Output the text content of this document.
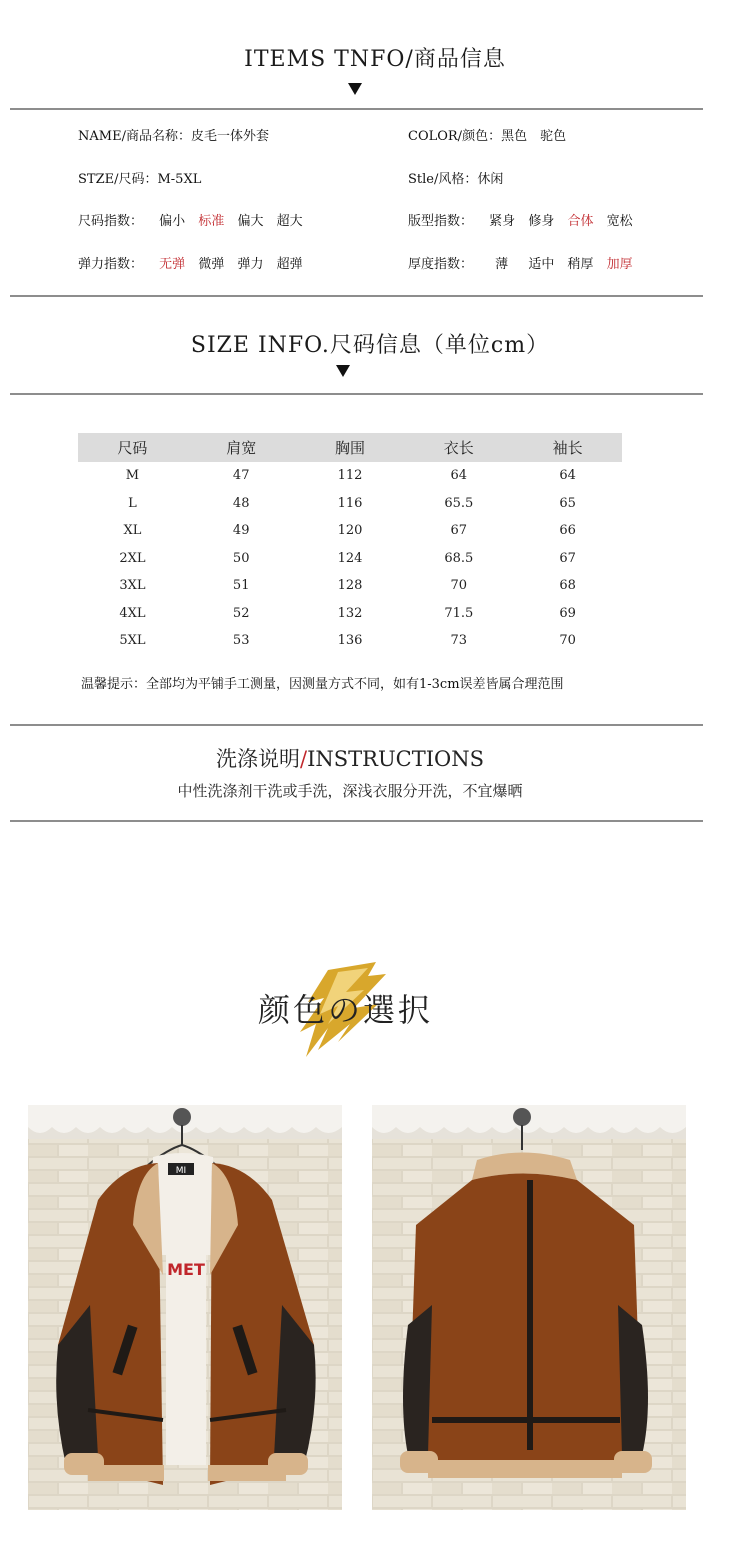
ITEMS TNFO/商品信息
NAME/商品名称：皮毛一体外套	COLOR/颜色：黑色　驼色
STZE/尺码：M-5XL	Stle/风格：休闲
尺码指数： 偏小 标准 偏大 超大	版型指数： 紧身 修身 合体 宽松
弹力指数： 无弹 微弹 弹力 超弹	厚度指数： 薄 适中 稍厚 加厚
SIZE INFO.尺码信息（单位cm）
尺码	肩宽	胸围	衣长	袖长
M	47	112	64	64
L	48	116	65.5	65
XL	49	120	67	66
2XL	50	124	68.5	67
3XL	51	128	70	68
4XL	52	132	71.5	69
5XL	53	136	73	70
温馨提示：全部均为平铺手工测量，因测量方式不同，如有1-3cm误差皆属合理范围
洗涤说明/INSTRUCTIONS
中性洗涤剂干洗或手洗，深浅衣服分开洗，不宜爆晒
颜色の選択
MI
MET
